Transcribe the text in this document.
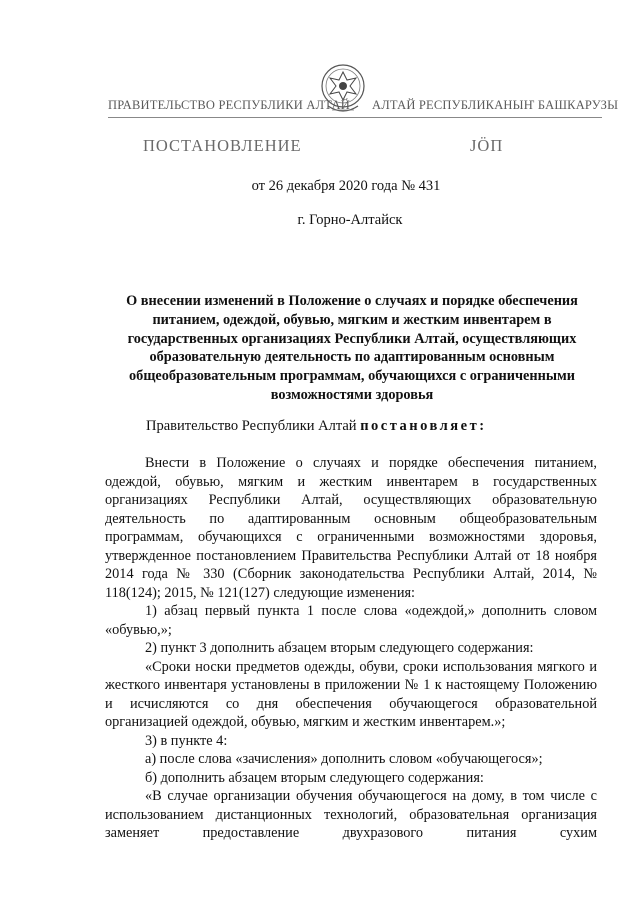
ПРАВИТЕЛЬСТВО РЕСПУБЛИКИ АЛТАЙ АЛТАЙ РЕСПУБЛИКАНЫҤ БАШКАРУЗЫ
ПОСТАНОВЛЕНИЕ	ЈӦП
от 26 декабря 2020 года № 431
г. Горно-Алтайск
О внесении изменений в Положение о случаях и порядке обеспечения питанием, одеждой, обувью, мягким и жестким инвентарем в государственных организациях Республики Алтай, осуществляющих образовательную деятельность по адаптированным основным общеобразовательным программам, обучающихся с ограниченными возможностями здоровья
Правительство Республики Алтай постановляет:

Внести в Положение о случаях и порядке обеспечения питанием, одеждой, обувью, мягким и жестким инвентарем в государственных организациях Республики Алтай, осуществляющих образовательную деятельность по адаптированным основным общеобразовательным программам, обучающихся с ограниченными возможностями здоровья, утвержденное постановлением Правительства Республики Алтай от 18 ноября 2014 года № 330 (Сборник законодательства Республики Алтай, 2014, № 118(124); 2015, № 121(127) следующие изменения:

1) абзац первый пункта 1 после слова «одеждой,» дополнить словом «обувью,»;

2) пункт 3 дополнить абзацем вторым следующего содержания:

«Сроки носки предметов одежды, обуви, сроки использования мягкого и жесткого инвентаря установлены в приложении № 1 к настоящему Положению и исчисляются со дня обеспечения обучающегося образовательной организацией одеждой, обувью, мягким и жестким инвентарем.»;

3) в пункте 4:

а) после слова «зачисления» дополнить словом «обучающегося»;

б) дополнить абзацем вторым следующего содержания:

«В случае организации обучения обучающегося на дому, в том числе с использованием дистанционных технологий, образовательная организация заменяет предоставление двухразового питания сухим
